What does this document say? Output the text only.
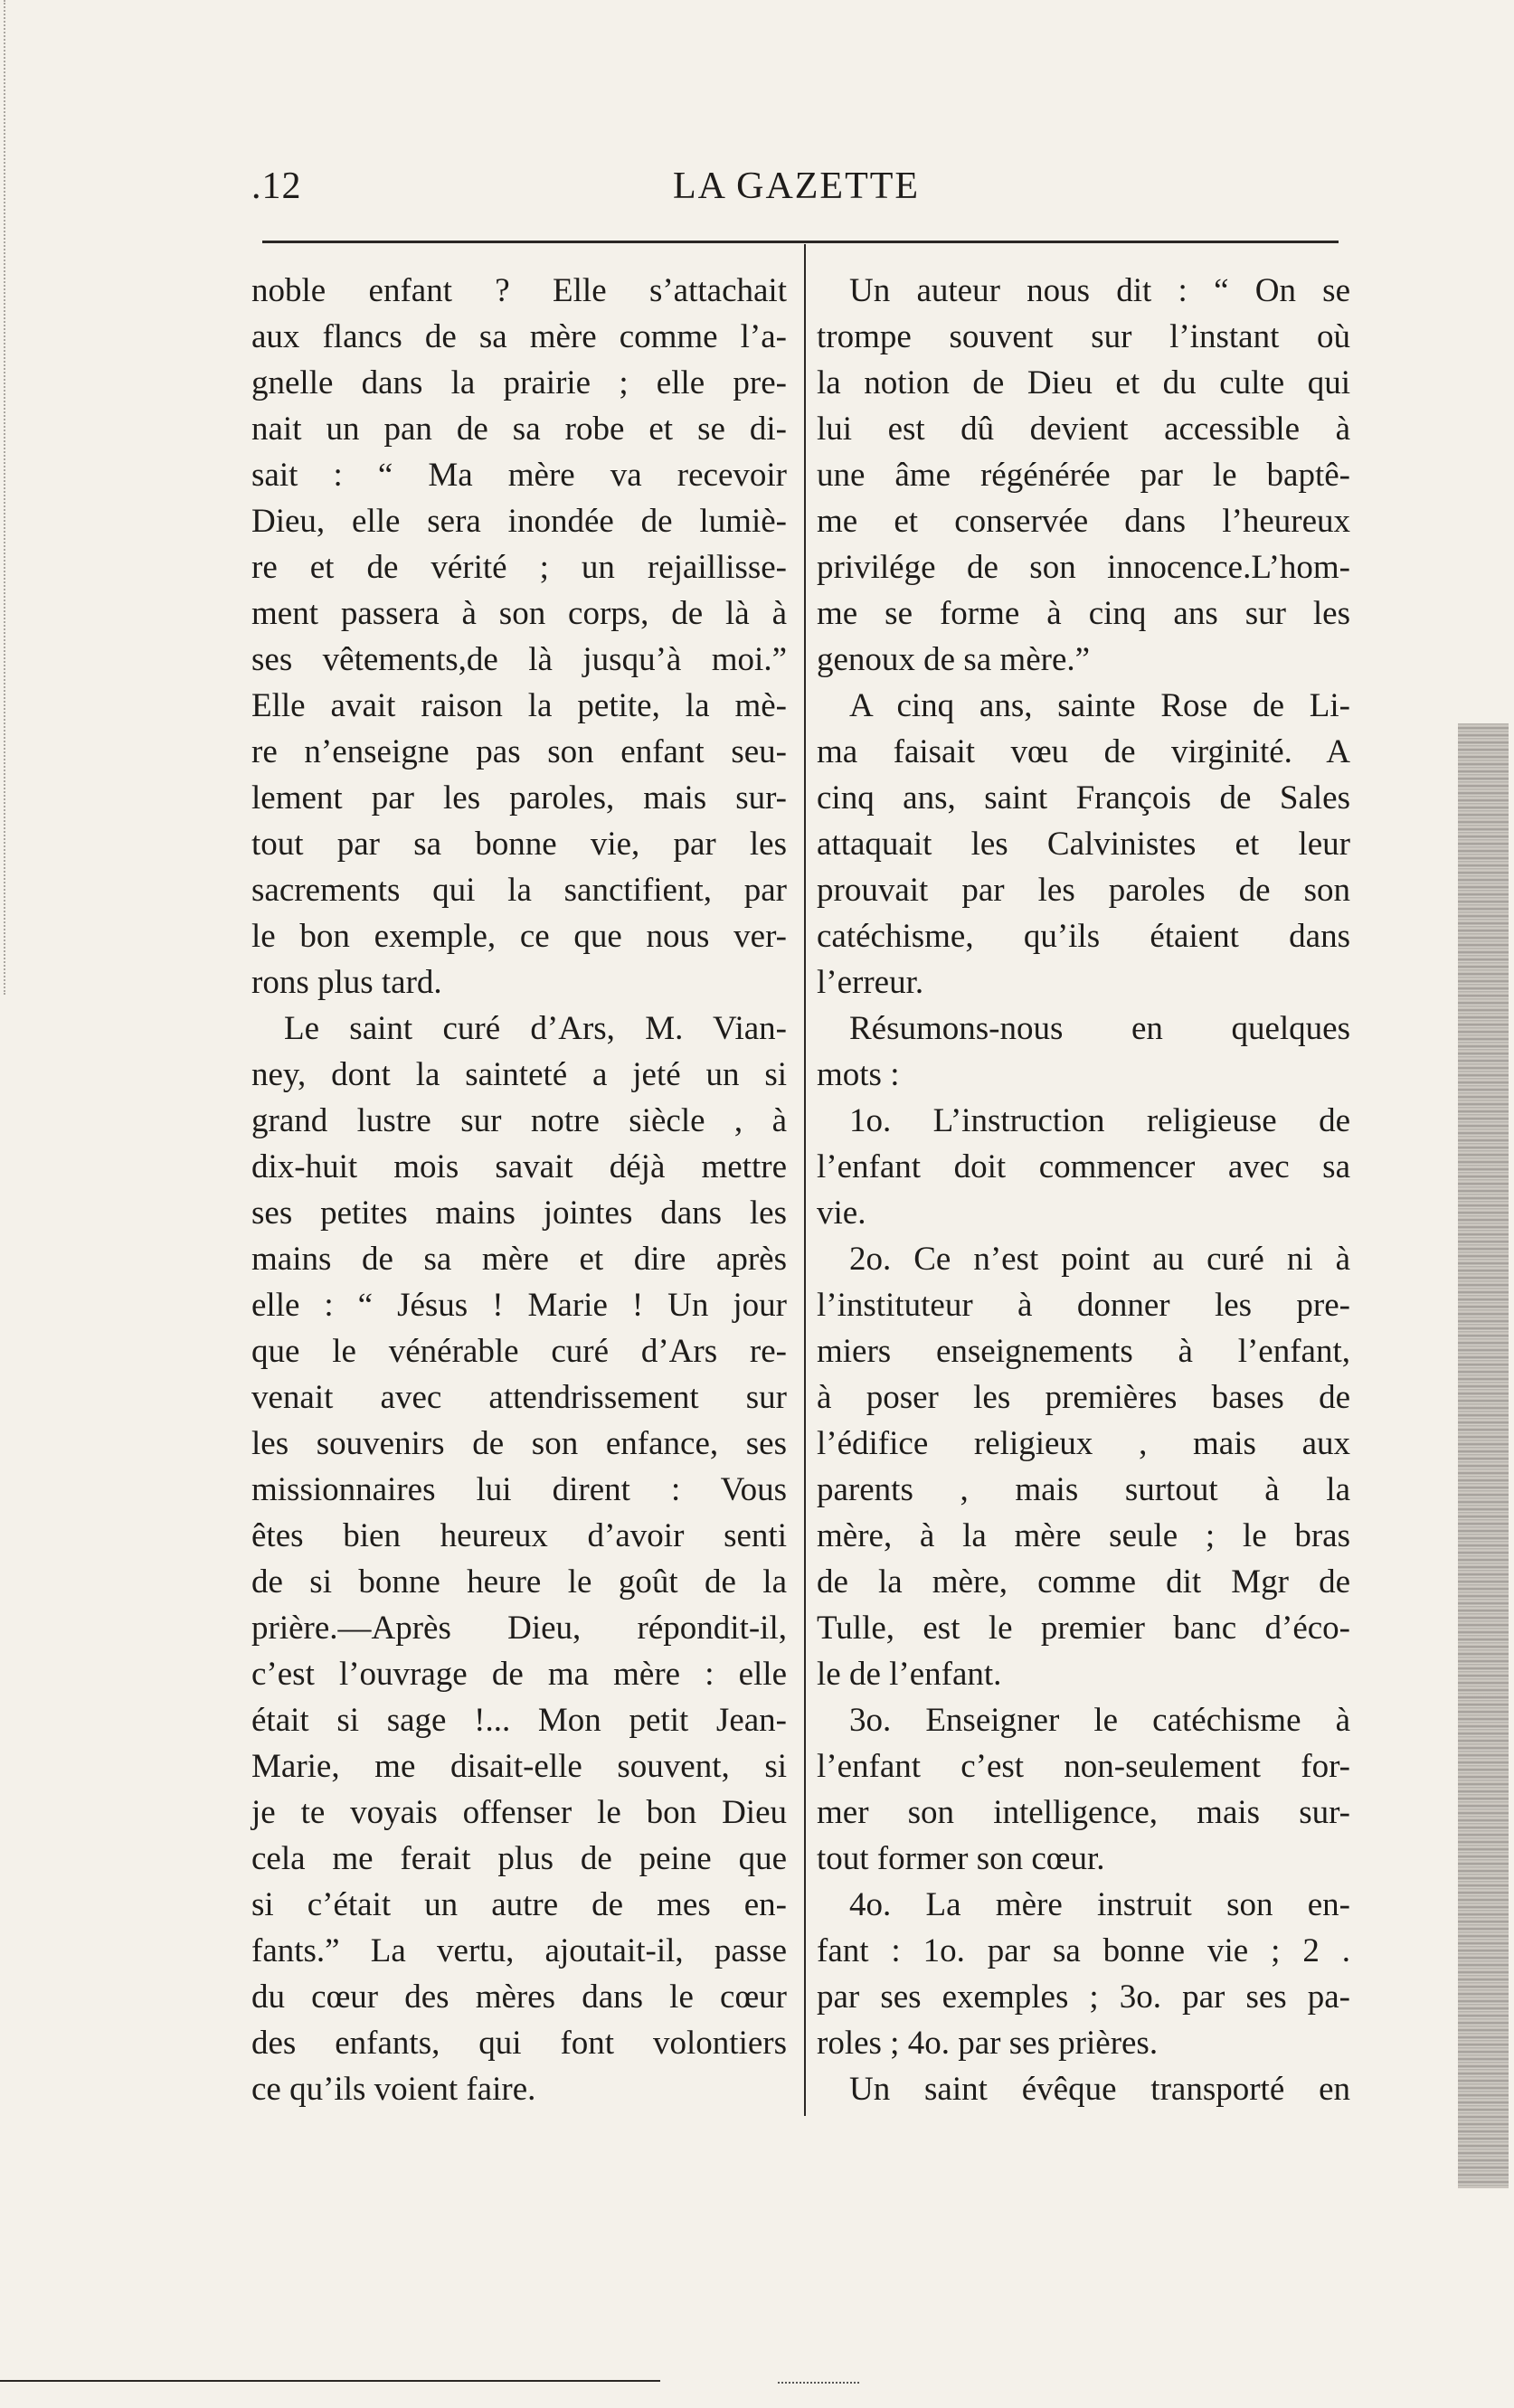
.12	LA GAZETTE
noble enfant ? Elle s’attachait
aux flancs de sa mère comme l’a-
gnelle dans la prairie ; elle pre-
nait un pan de sa robe et se di-
sait : “ Ma mère va recevoir
Dieu, elle sera inondée de lumiè-
re et de vérité ; un rejaillisse-
ment passera à son corps, de là à
ses vêtements,de là jusqu’à moi.”
Elle avait raison la petite, la mè-
re n’enseigne pas son enfant seu-
lement par les paroles, mais sur-
tout par sa bonne vie, par les
sacrements qui la sanctifient, par
le bon exemple, ce que nous ver-
rons plus tard.
Le saint curé d’Ars, M. Vian-
ney, dont la sainteté a jeté un si
grand lustre sur notre siècle , à
dix-huit mois savait déjà mettre
ses petites mains jointes dans les
mains de sa mère et dire après
elle : “ Jésus ! Marie ! Un jour
que le vénérable curé d’Ars re-
venait avec attendrissement sur
les souvenirs de son enfance, ses
missionnaires lui dirent : Vous
êtes bien heureux d’avoir senti
de si bonne heure le goût de la
prière.—Après Dieu, répondit-il,
c’est l’ouvrage de ma mère : elle
était si sage !... Mon petit Jean-
Marie, me disait-elle souvent, si
je te voyais offenser le bon Dieu
cela me ferait plus de peine que
si c’était un autre de mes en-
fants.” La vertu, ajoutait-il, passe
du cœur des mères dans le cœur
des enfants, qui font volontiers
ce qu’ils voient faire.
Un auteur nous dit : “ On se
trompe souvent sur l’instant où
la notion de Dieu et du culte qui
lui est dû devient accessible à
une âme régénérée par le baptê-
me et conservée dans l’heureux
privilége de son innocence.L’hom-
me se forme à cinq ans sur les
genoux de sa mère.”
A cinq ans, sainte Rose de Li-
ma faisait vœu de virginité. A
cinq ans, saint François de Sales
attaquait les Calvinistes et leur
prouvait par les paroles de son
catéchisme, qu’ils étaient dans
l’erreur.
Résumons-nous en quelques
mots :
1o. L’instruction religieuse de
l’enfant doit commencer avec sa
vie.
2o. Ce n’est point au curé ni à
l’instituteur à donner les pre-
miers enseignements à l’enfant,
à poser les premières bases de
l’édifice religieux , mais aux
parents , mais surtout à la
mère, à la mère seule ; le bras
de la mère, comme dit Mgr de
Tulle, est le premier banc d’éco-
le de l’enfant.
3o. Enseigner le catéchisme à
l’enfant c’est non-seulement for-
mer son intelligence, mais sur-
tout former son cœur.
4o. La mère instruit son en-
fant : 1o. par sa bonne vie ; 2 .
par ses exemples ; 3o. par ses pa-
roles ; 4o. par ses prières.
Un saint évêque transporté en
